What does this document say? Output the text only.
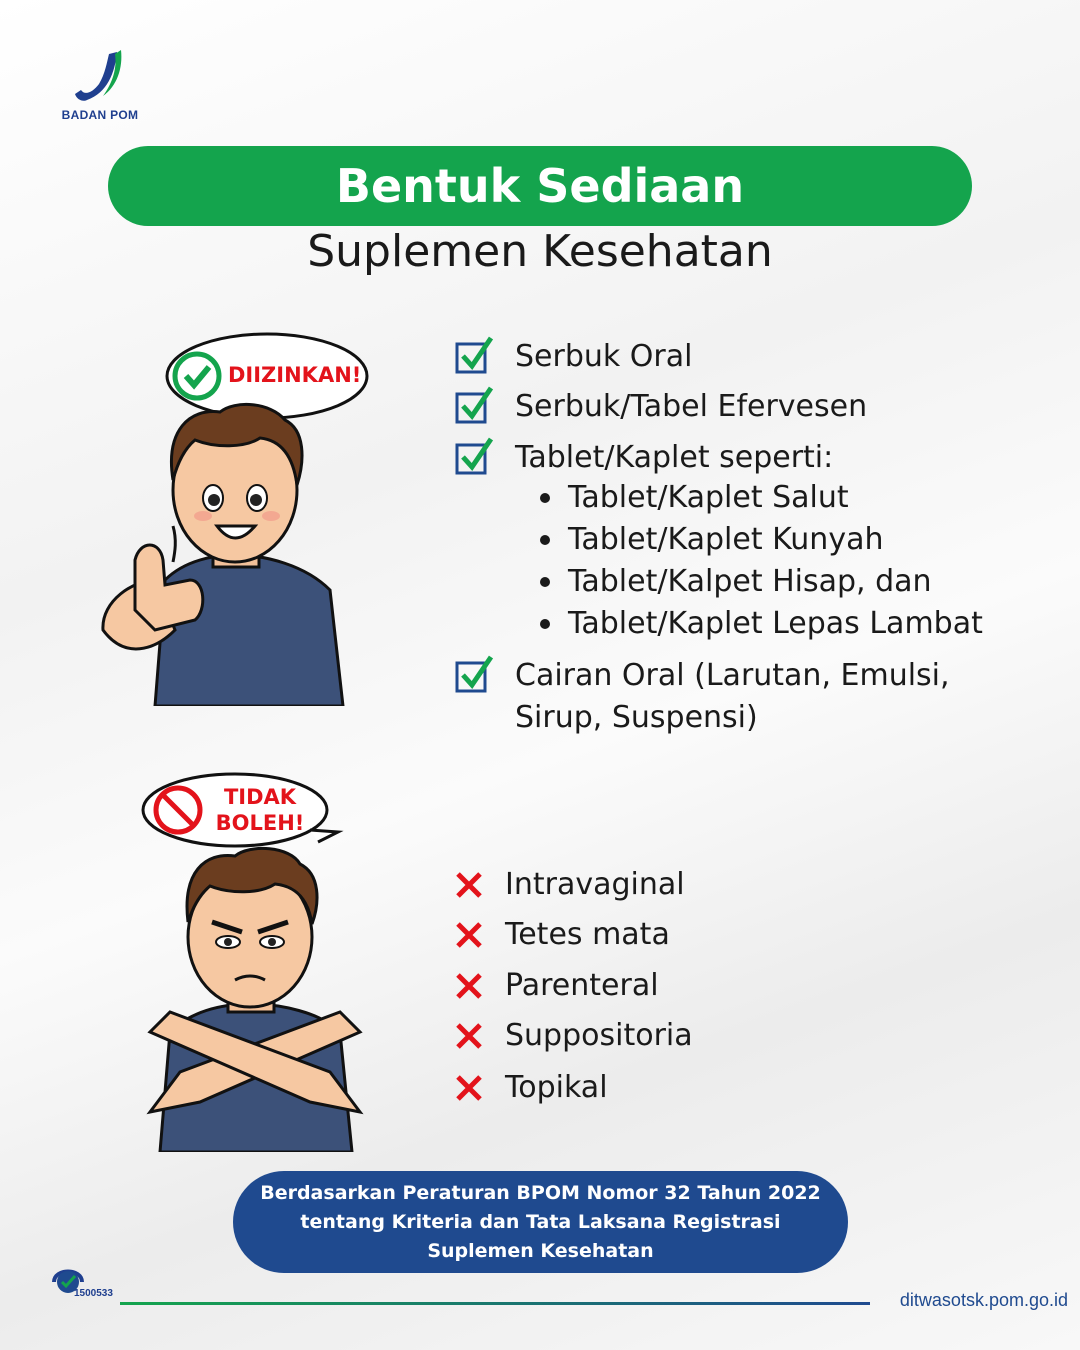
BADAN POM
Bentuk Sediaan
Suplemen Kesehatan
Serbuk Oral
Serbuk/Tabel Efervesen
Tablet/Kaplet seperti:
Tablet/Kaplet Salut
Tablet/Kaplet Kunyah
Tablet/Kalpet Hisap, dan
Tablet/Kaplet Lepas Lambat
Cairan Oral (Larutan, Emulsi,
Sirup, Suspensi)
Intravaginal
Tetes mata
Parenteral
Suppositoria
Topikal
DIIZINKAN!
TIDAK
BOLEH!
Berdasarkan Peraturan BPOM Nomor 32 Tahun 2022
tentang Kriteria dan Tata Laksana Registrasi
Suplemen Kesehatan
1500533	ditwasotsk.pom.go.id
